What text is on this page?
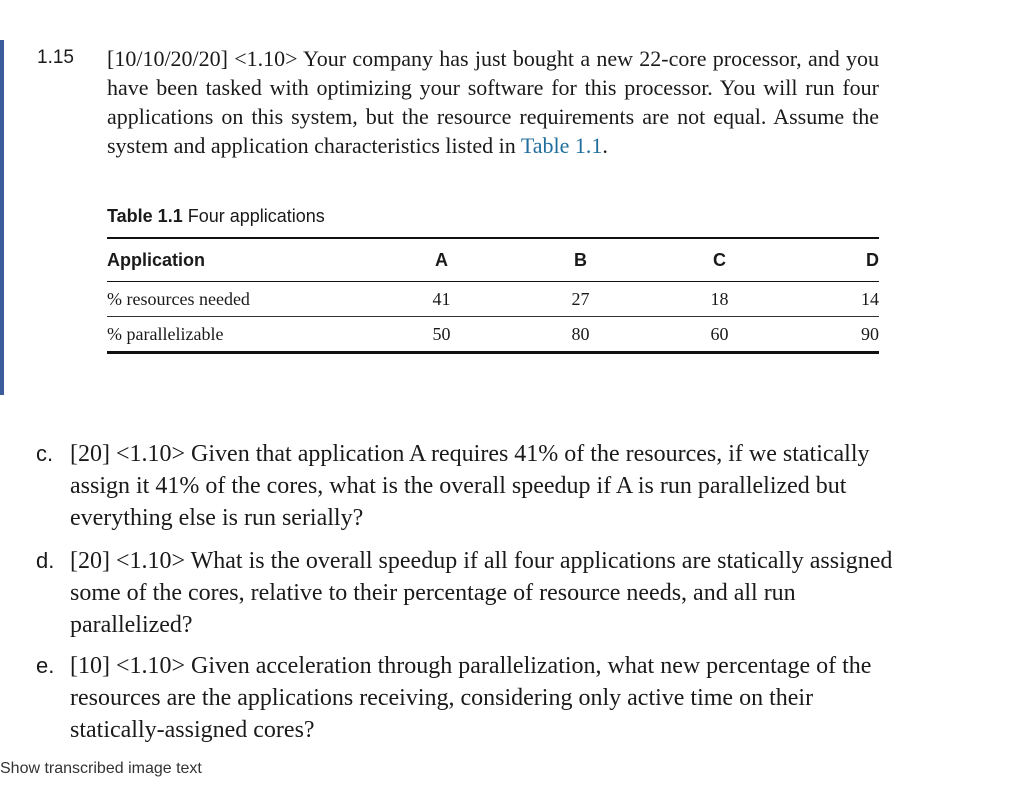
1.15 [10/10/20/20] <1.10> Your company has just bought a new 22-core processor, and you have been tasked with optimizing your software for this processor. You will run four applications on this system, but the resource requirements are not equal. Assume the system and application characteristics listed in Table 1.1.
Table 1.1 Four applications
Application	A	B	C	D
% resources needed	41	27	18	14
% parallelizable	50	80	60	90
c. [20] <1.10> Given that application A requires 41% of the resources, if we statically assign it 41% of the cores, what is the overall speedup if A is run parallelized but everything else is run serially?
d. [20] <1.10> What is the overall speedup if all four applications are statically assigned some of the cores, relative to their percentage of resource needs, and all run parallelized?
e. [10] <1.10> Given acceleration through parallelization, what new percentage of the resources are the applications receiving, considering only active time on their statically-assigned cores?
Show transcribed image text
